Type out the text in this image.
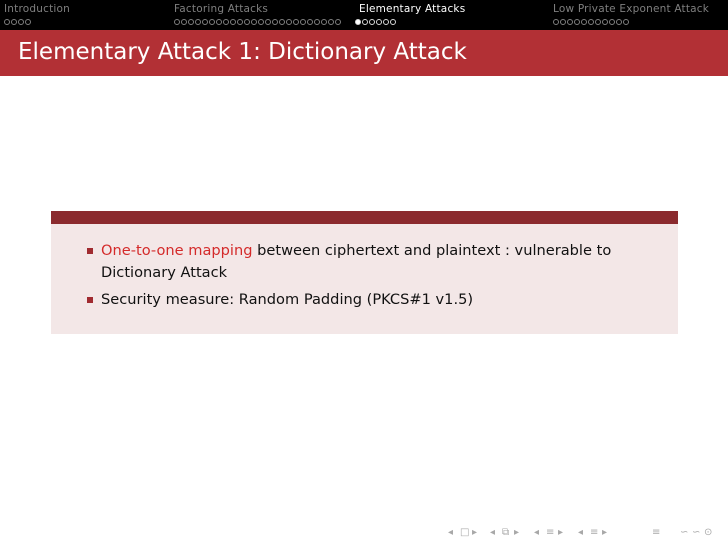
Introduction	Factoring Attacks	Elementary Attacks	Low Private Exponent Attack
Elementary Attack 1: Dictionary Attack
One-to-one mapping between ciphertext and plaintext : vulnerable to Dictionary Attack
Security measure: Random Padding (PKCS#1 v1.5)
◂ □ ▸ ◂ ⧉ ▸ ◂ ≡ ▸ ◂ ≡ ▸	≡ ∽ ∽ ⊙
